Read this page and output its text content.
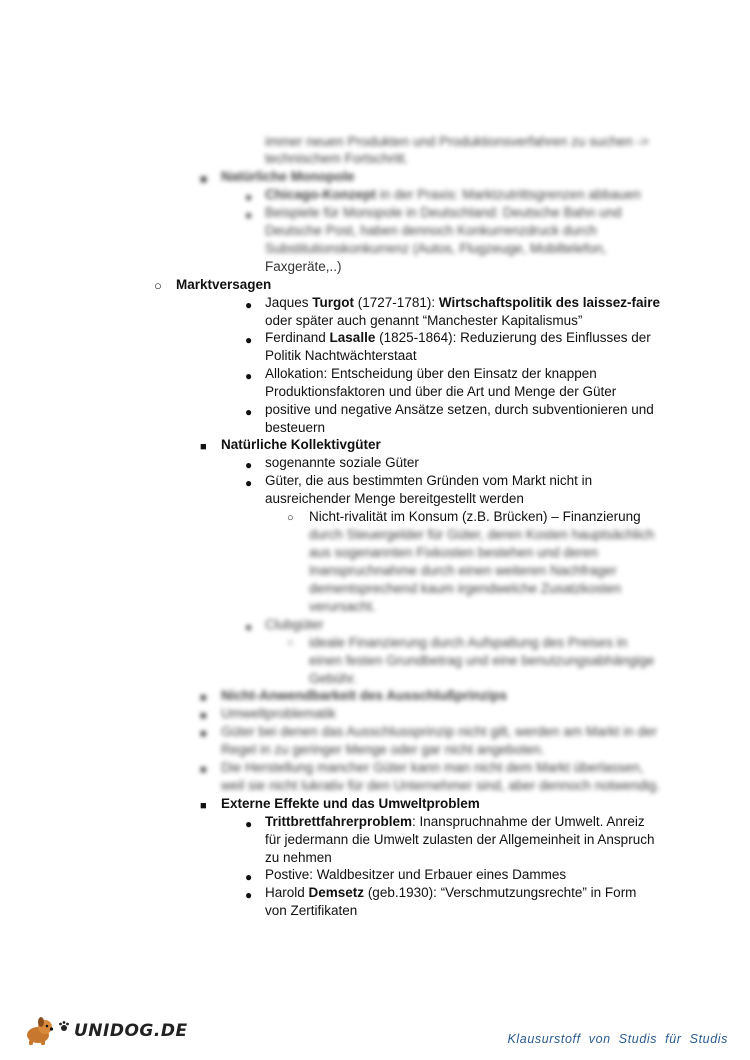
immer neuen Produkten und Produktionsverfahren zu suchen ->
technischem Fortschritt.
■ Natürliche Monopole
● Chicago-Konzept in der Praxis: Marktzutrittsgrenzen abbauen
● Beispiele für Monopole in Deutschland: Deutsche Bahn und
Deutsche Post, haben dennoch Konkurrenzdruck durch
Substitutionskonkurrenz (Autos, Flugzeuge, Mobiltelefon,
Faxgeräte,..)
○ Marktversagen
● Jaques Turgot (1727-1781): Wirtschaftspolitik des laissez-faire
oder später auch genannt “Manchester Kapitalismus”
● Ferdinand Lasalle (1825-1864): Reduzierung des Einflusses der
Politik Nachtwächterstaat
● Allokation: Entscheidung über den Einsatz der knappen
Produktionsfaktoren und über die Art und Menge der Güter
● positive und negative Ansätze setzen, durch subventionieren und
besteuern
■ Natürliche Kollektivgüter
● sogenannte soziale Güter
● Güter, die aus bestimmten Gründen vom Markt nicht in
ausreichender Menge bereitgestellt werden
○ Nicht-rivalität im Konsum (z.B. Brücken) – Finanzierung
durch Steuergelder für Güter, deren Kosten hauptsächlich
aus sogenannten Fixkosten bestehen und deren
Inanspruchnahme durch einen weiteren Nachfrager
dementsprechend kaum irgendwelche Zusatzkosten
verursacht.
● Clubgüter
○ ideale Finanzierung durch Aufspaltung des Preises in
einen festen Grundbetrag und eine benutzungsabhängige
Gebühr.
■ Nicht-Anwendbarkeit des Ausschlußprinzips
■ Umweltproblematik
■ Güter bei denen das Ausschlussprinzip nicht gilt, werden am Markt in der
Regel in zu geringer Menge oder gar nicht angeboten.
■ Die Herstellung mancher Güter kann man nicht dem Markt überlassen,
weil sie nicht lukrativ für den Unternehmer sind, aber dennoch notwendig.
■ Externe Effekte und das Umweltproblem
● Trittbrettfahrerproblem: Inanspruchnahme der Umwelt. Anreiz
für jedermann die Umwelt zulasten der Allgemeinheit in Anspruch
zu nehmen
● Postive: Waldbesitzer und Erbauer eines Dammes
● Harold Demsetz (geb.1930): “Verschmutzungsrechte” in Form
von Zertifikaten
UNIDOG.DE	Klausurstoff von Studis für Studis
